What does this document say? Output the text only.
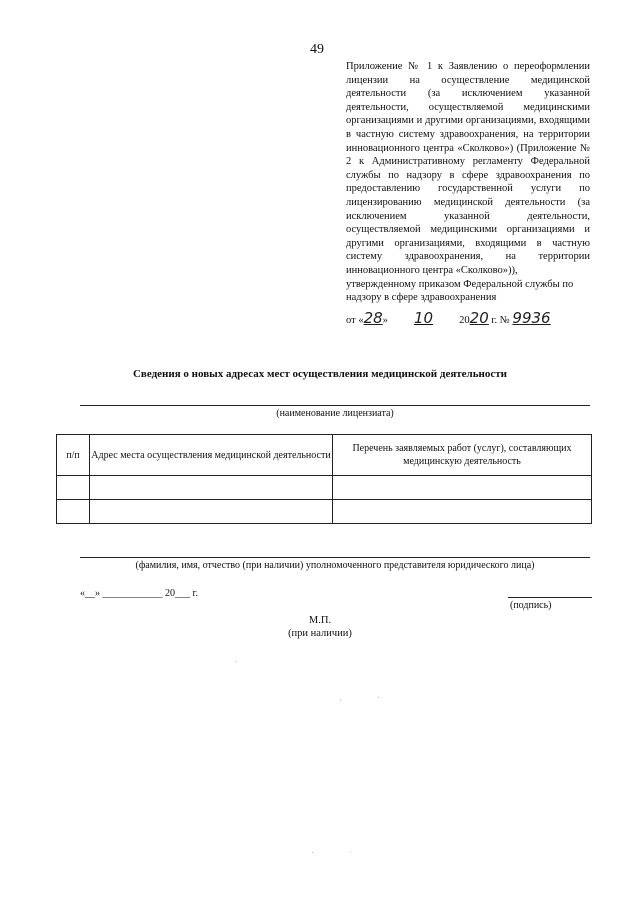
49
Приложение № 1 к Заявлению о переоформлении лицензии на осуществление медицинской деятельности (за исключением указанной деятельности, осуществляемой медицинскими организациями и другими организациями, входящими в частную систему здравоохранения, на территории инновационного центра «Сколково») (Приложение № 2 к Административному регламенту Федеральной службы по надзору в сфере здравоохранения по предоставлению государственной услуги по лицензированию медицинской деятельности (за исключением указанной деятельности, осуществляемой медицинскими организациями и другими организациями, входящими в частную систему здравоохранения, на территории инновационного центра «Сколково»)),
утвержденному приказом Федеральной службы по надзору в сфере здравоохранения
от «28» 10 2020 г. № 9936
Сведения о новых адресах мест осуществления медицинской деятельности
(наименование лицензиата)
п/п	Адрес места осуществления медицинской деятельности	Перечень заявляемых работ (услуг), составляющих медицинскую деятельность

(фамилия, имя, отчество (при наличии) уполномоченного представителя юридического лица)
«__» ____________ 20___ г.
(подпись)
М.П.
(при наличии)
